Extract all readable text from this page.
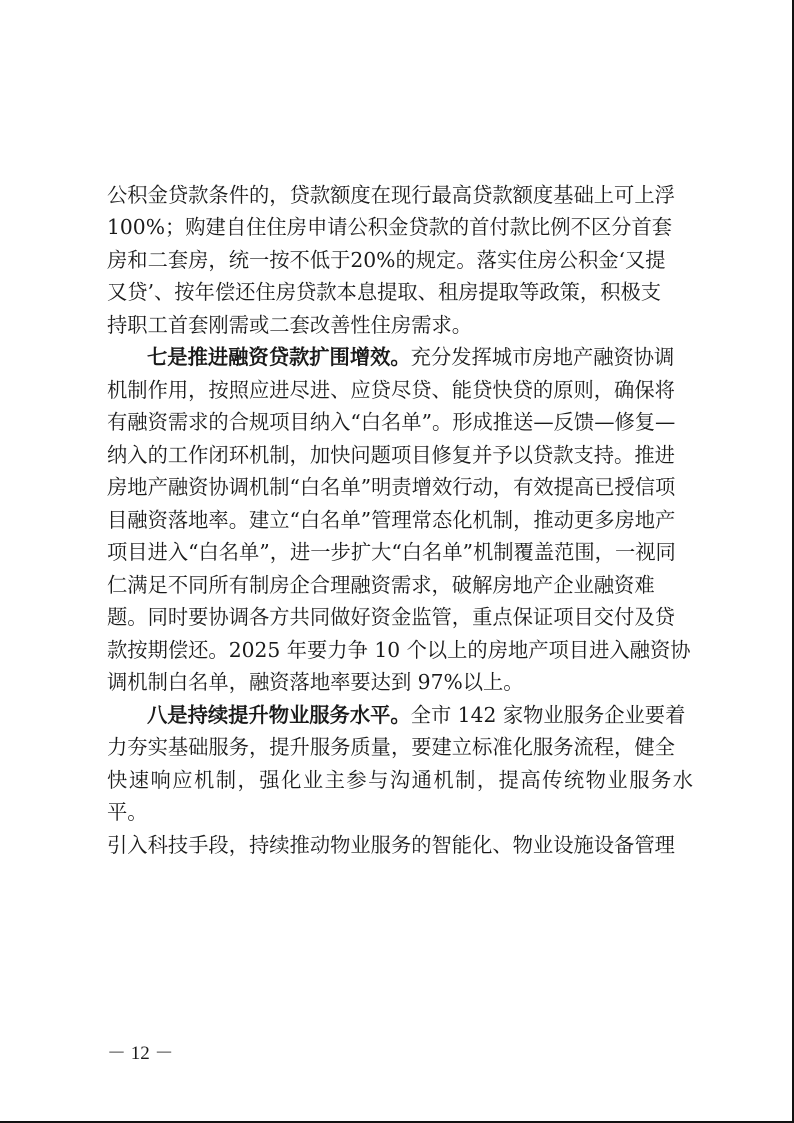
公积金贷款条件的，贷款额度在现行最高贷款额度基础上可上浮
100%；购建自住住房申请公积金贷款的首付款比例不区分首套
房和二套房，统一按不低于20%的规定。落实住房公积金‘又提
又贷’、按年偿还住房贷款本息提取、租房提取等政策，积极支
持职工首套刚需或二套改善性住房需求。

七是推进融资贷款扩围增效。充分发挥城市房地产融资协调
机制作用，按照应进尽进、应贷尽贷、能贷快贷的原则，确保将
有融资需求的合规项目纳入“白名单”。形成推送—反馈—修复—
纳入的工作闭环机制，加快问题项目修复并予以贷款支持。推进
房地产融资协调机制“白名单”明责增效行动，有效提高已授信项
目融资落地率。建立“白名单”管理常态化机制，推动更多房地产
项目进入“白名单”，进一步扩大“白名单”机制覆盖范围，一视同
仁满足不同所有制房企合理融资需求，破解房地产企业融资难
题。同时要协调各方共同做好资金监管，重点保证项目交付及贷
款按期偿还。2025 年要力争 10 个以上的房地产项目进入融资协
调机制白名单，融资落地率要达到 97%以上。

八是持续提升物业服务水平。全市 142 家物业服务企业要着
力夯实基础服务，提升服务质量，要建立标准化服务流程，健全
快速响应机制，强化业主参与沟通机制，提高传统物业服务水平。
引入科技手段，持续推动物业服务的智能化、物业设施设备管理

－ 12 －
